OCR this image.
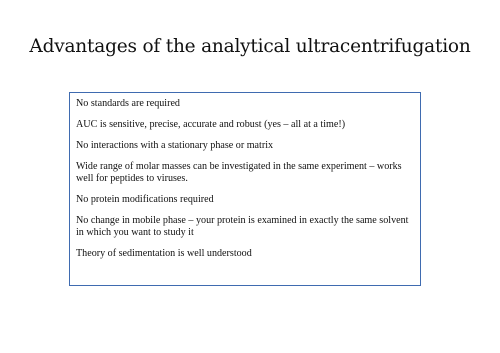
Advantages of the analytical ultracentrifugation

No standards are required

AUC is sensitive, precise, accurate and robust (yes – all at a time!)

No interactions with a stationary phase or matrix

Wide range of molar masses can be investigated in the same experiment – works well for peptides to viruses.

No protein modifications required

No change in mobile phase – your protein is examined in exactly the same solvent in which you want to study it

Theory of sedimentation is well understood
